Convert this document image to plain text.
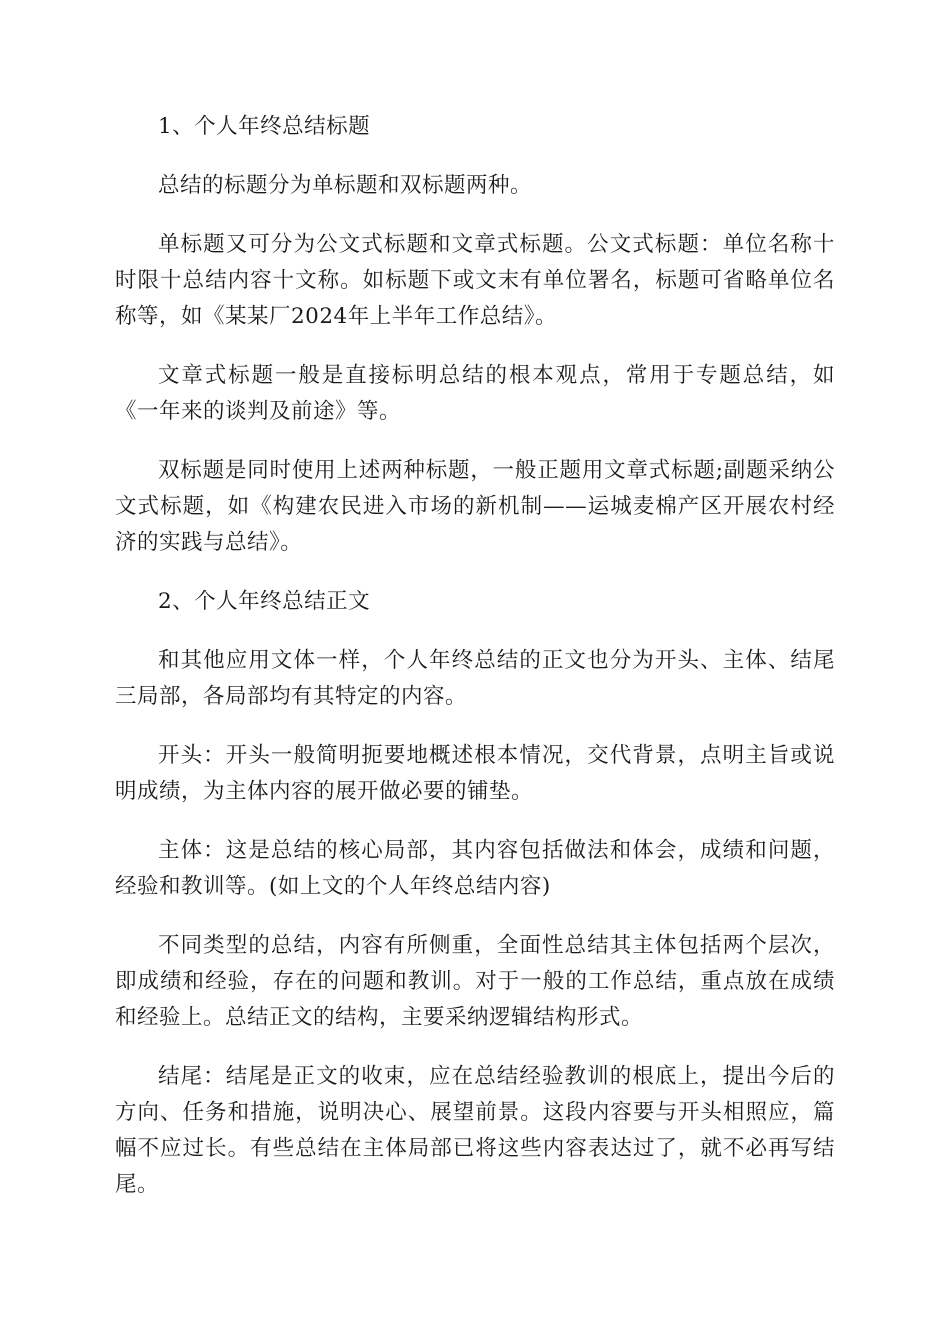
1、个人年终总结标题

总结的标题分为单标题和双标题两种。

单标题又可分为公文式标题和文章式标题。公文式标题：单位名称十时限十总结内容十文称。如标题下或文末有单位署名，标题可省略单位名称等，如《某某厂2024年上半年工作总结》。

文章式标题一般是直接标明总结的根本观点，常用于专题总结，如《一年来的谈判及前途》等。

双标题是同时使用上述两种标题，一般正题用文章式标题;副题采纳公文式标题，如《构建农民进入市场的新机制——运城麦棉产区开展农村经济的实践与总结》。

2、个人年终总结正文

和其他应用文体一样，个人年终总结的正文也分为开头、主体、结尾三局部，各局部均有其特定的内容。

开头：开头一般简明扼要地概述根本情况，交代背景，点明主旨或说明成绩，为主体内容的展开做必要的铺垫。

主体：这是总结的核心局部，其内容包括做法和体会，成绩和问题，经验和教训等。(如上文的个人年终总结内容)

不同类型的总结，内容有所侧重，全面性总结其主体包括两个层次，即成绩和经验，存在的问题和教训。对于一般的工作总结，重点放在成绩和经验上。总结正文的结构，主要采纳逻辑结构形式。

结尾：结尾是正文的收束，应在总结经验教训的根底上，提出今后的方向、任务和措施，说明决心、展望前景。这段内容要与开头相照应，篇幅不应过长。有些总结在主体局部已将这些内容表达过了，就不必再写结尾。
